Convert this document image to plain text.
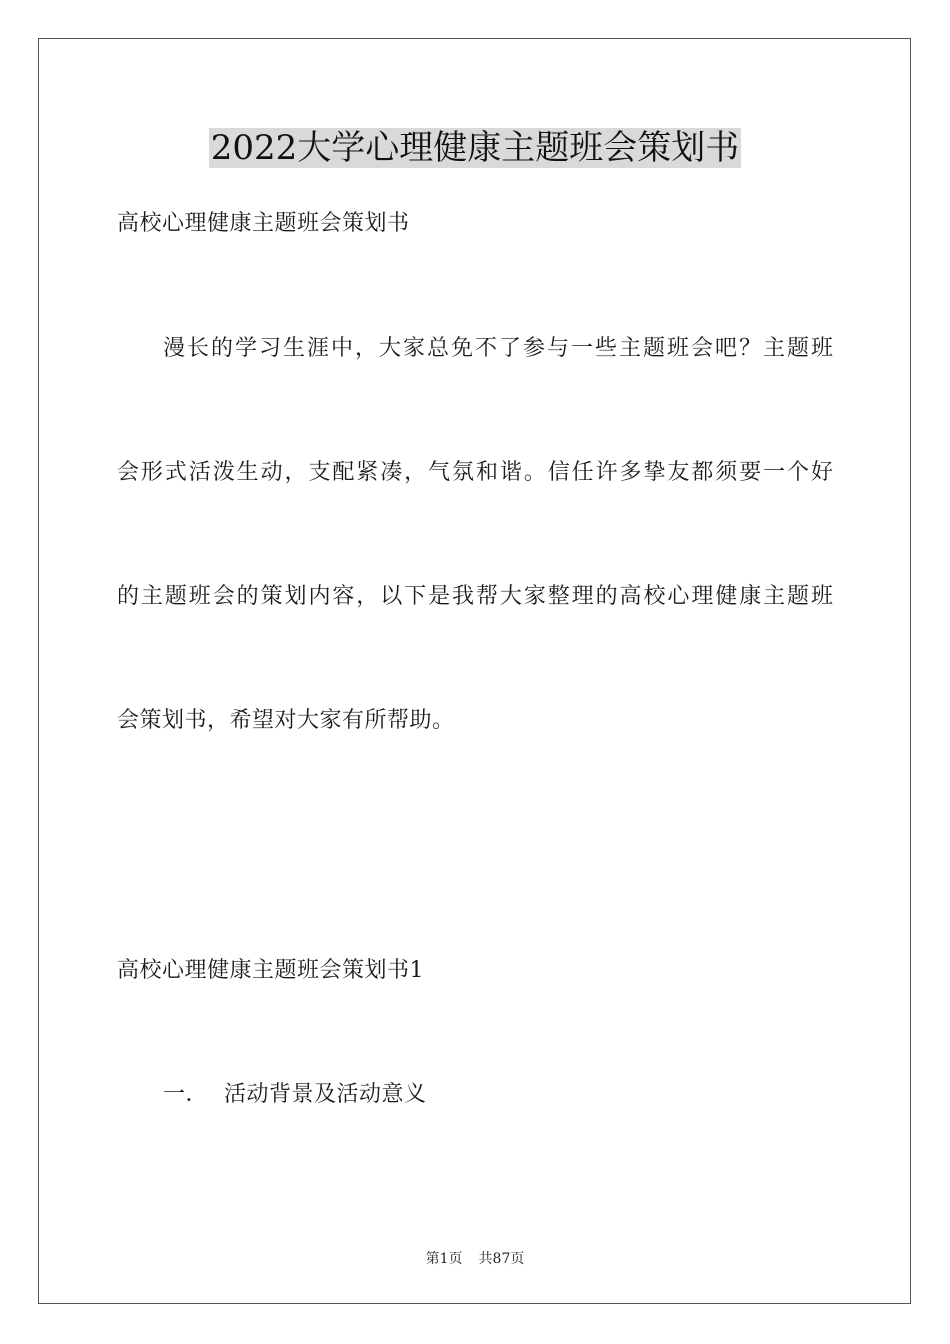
2022大学心理健康主题班会策划书
高校心理健康主题班会策划书
漫长的学习生涯中，大家总免不了参与一些主题班会吧？主题班
会形式活泼生动，支配紧凑，气氛和谐。信任许多挚友都须要一个好
的主题班会的策划内容，以下是我帮大家整理的高校心理健康主题班
会策划书，希望对大家有所帮助。
高校心理健康主题班会策划书1
一． 活动背景及活动意义
第1页 共87页
